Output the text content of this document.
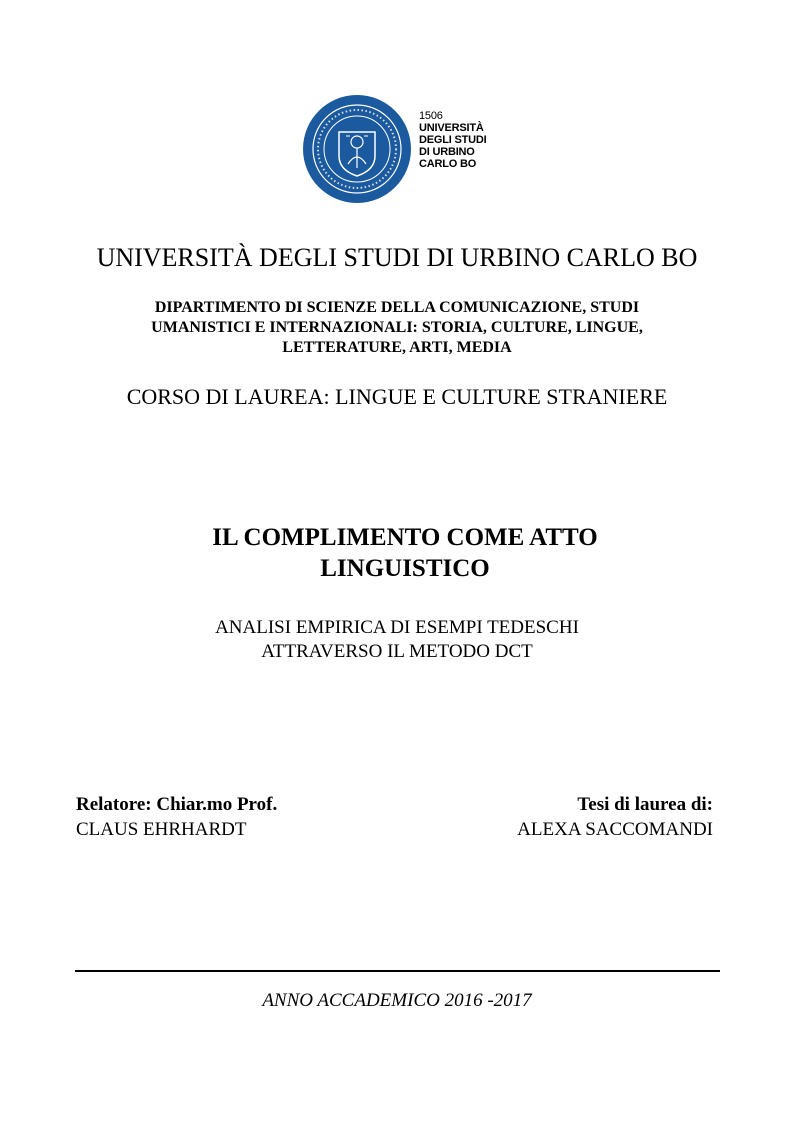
1506
UNIVERSITÀ
DEGLI STUDI
DI URBINO
CARLO BO
UNIVERSITÀ DEGLI STUDI DI URBINO CARLO BO
DIPARTIMENTO DI SCIENZE DELLA COMUNICAZIONE, STUDI
UMANISTICI E INTERNAZIONALI: STORIA, CULTURE, LINGUE,
LETTERATURE, ARTI, MEDIA
CORSO DI LAUREA: LINGUE E CULTURE STRANIERE
IL COMPLIMENTO COME ATTO
LINGUISTICO
ANALISI EMPIRICA DI ESEMPI TEDESCHI
ATTRAVERSO IL METODO DCT
Relatore: Chiar.mo Prof.
CLAUS EHRHARDT
Tesi di laurea di:
ALEXA SACCOMANDI
ANNO ACCADEMICO 2016 -2017
